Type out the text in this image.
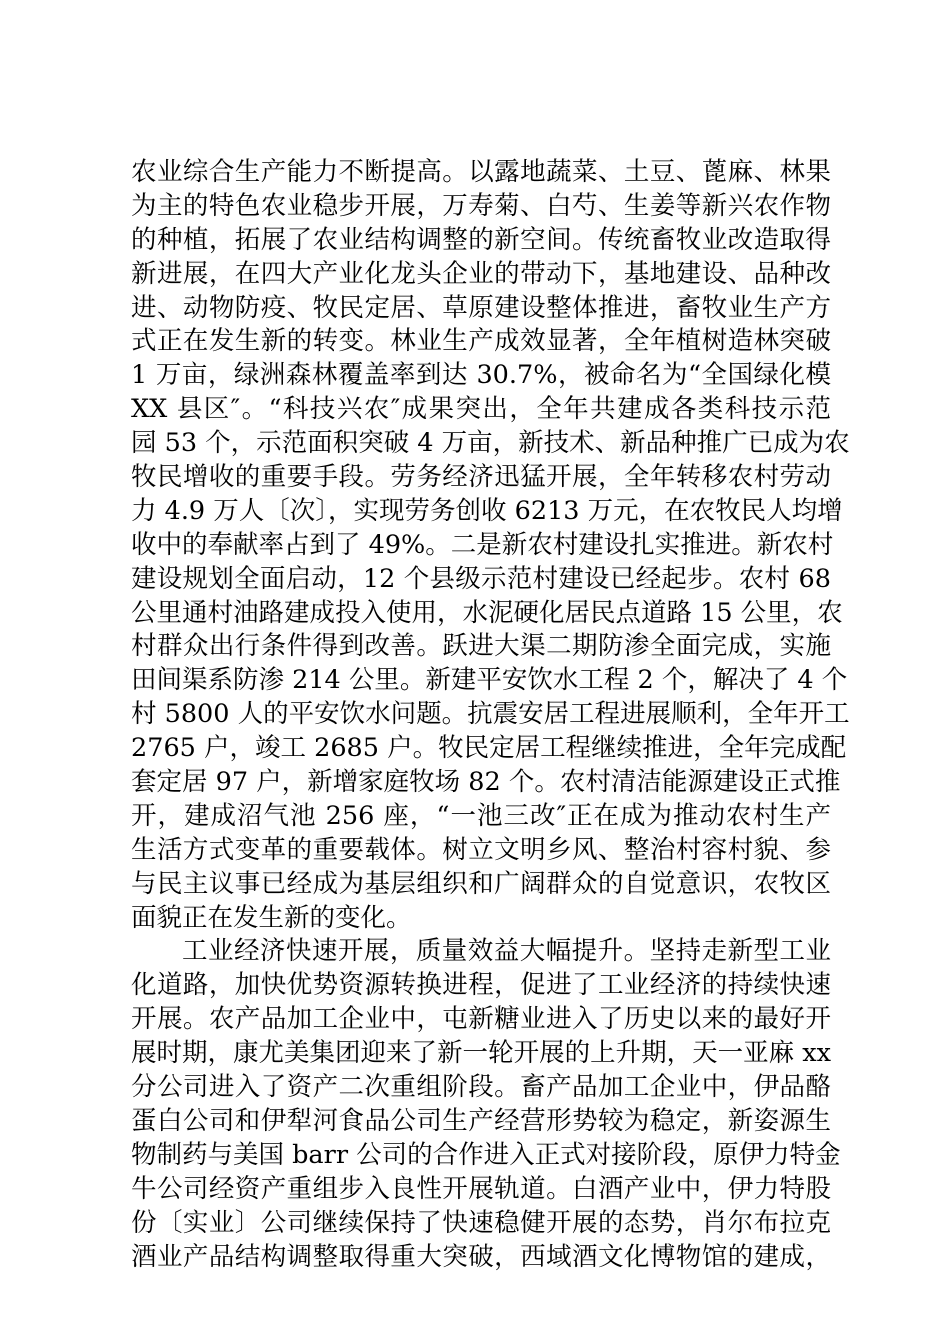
农业综合生产能力不断提高。以露地蔬菜、土豆、蓖麻、林果
为主的特色农业稳步开展，万寿菊、白芍、生姜等新兴农作物
的种植，拓展了农业结构调整的新空间。传统畜牧业改造取得
新进展，在四大产业化龙头企业的带动下，基地建设、品种改
进、动物防疫、牧民定居、草原建设整体推进，畜牧业生产方
式正在发生新的转变。林业生产成效显著，全年植树造林突破
1 万亩，绿洲森林覆盖率到达 30.7%，被命名为“全国绿化模
XX 县区″。“科技兴农″成果突出，全年共建成各类科技示范
园 53 个，示范面积突破 4 万亩，新技术、新品种推广已成为农
牧民增收的重要手段。劳务经济迅猛开展，全年转移农村劳动
力 4.9 万人〔次〕，实现劳务创收 6213 万元，在农牧民人均增
收中的奉献率占到了 49%。二是新农村建设扎实推进。新农村
建设规划全面启动，12 个县级示范村建设已经起步。农村 68
公里通村油路建成投入使用，水泥硬化居民点道路 15 公里，农
村群众出行条件得到改善。跃进大渠二期防渗全面完成，实施
田间渠系防渗 214 公里。新建平安饮水工程 2 个，解决了 4 个
村 5800 人的平安饮水问题。抗震安居工程进展顺利，全年开工
2765 户，竣工 2685 户。牧民定居工程继续推进，全年完成配
套定居 97 户，新增家庭牧场 82 个。农村清洁能源建设正式推
开，建成沼气池 256 座，“一池三改″正在成为推动农村生产
生活方式变革的重要载体。树立文明乡风、整治村容村貌、参
与民主议事已经成为基层组织和广阔群众的自觉意识，农牧区
面貌正在发生新的变化。
工业经济快速开展，质量效益大幅提升。坚持走新型工业
化道路，加快优势资源转换进程，促进了工业经济的持续快速
开展。农产品加工企业中，屯新糖业进入了历史以来的最好开
展时期，康尤美集团迎来了新一轮开展的上升期，天一亚麻 xx
分公司进入了资产二次重组阶段。畜产品加工企业中，伊品酪
蛋白公司和伊犁河食品公司生产经营形势较为稳定，新姿源生
物制药与美国 barr 公司的合作进入正式对接阶段，原伊力特金
牛公司经资产重组步入良性开展轨道。白酒产业中，伊力特股
份〔实业〕公司继续保持了快速稳健开展的态势，肖尔布拉克
酒业产品结构调整取得重大突破，西域酒文化博物馆的建成，
